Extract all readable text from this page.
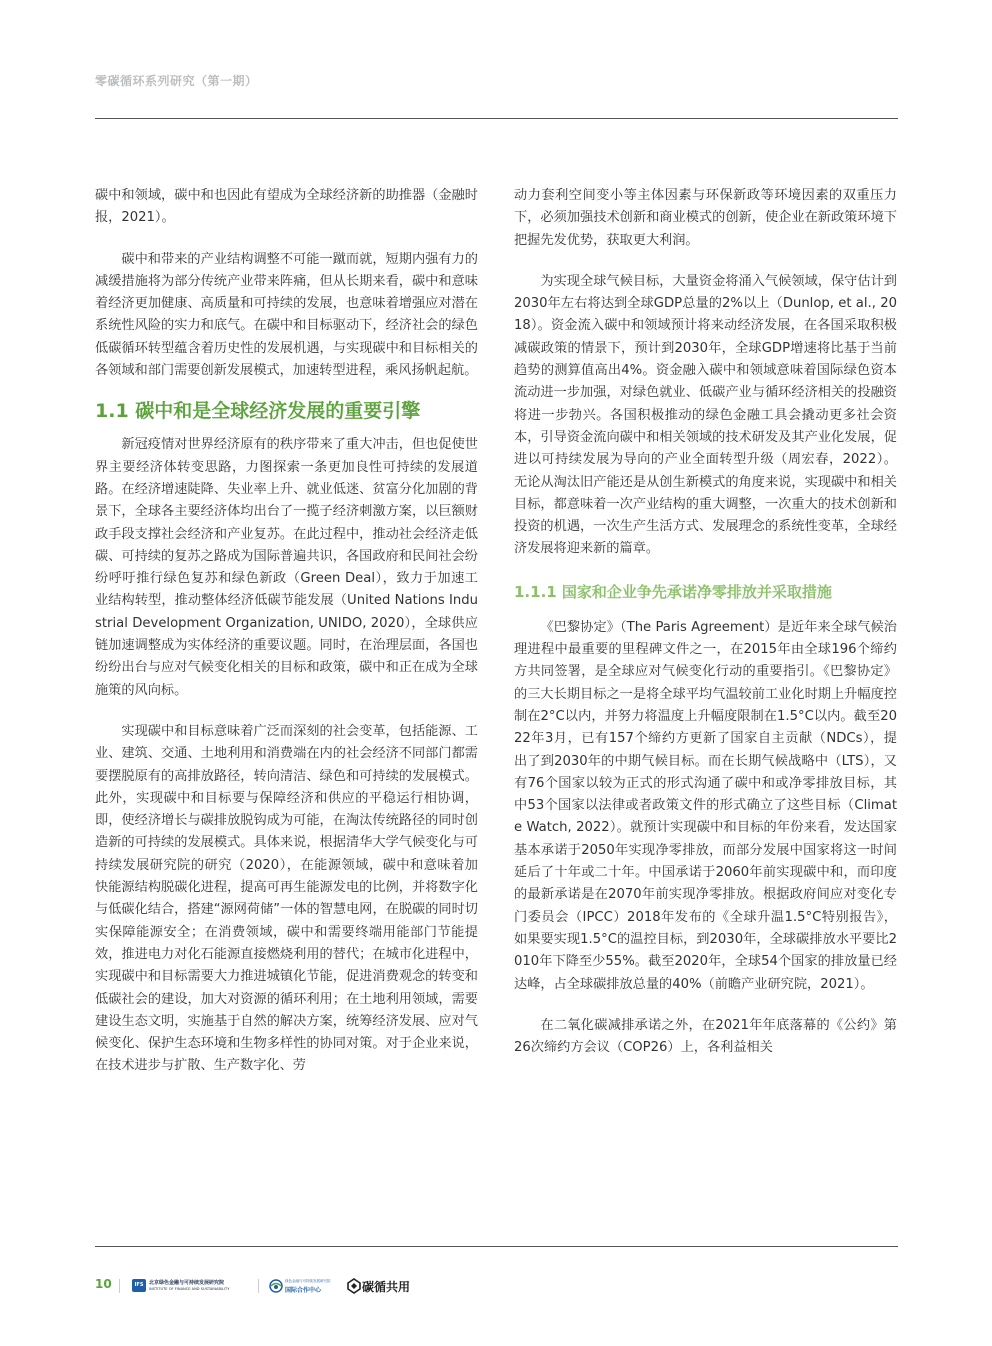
零碳循环系列研究（第一期）

碳中和领域，碳中和也因此有望成为全球经济新的助推器（金融时报，2021）。

碳中和带来的产业结构调整不可能一蹴而就，短期内强有力的减缓措施将为部分传统产业带来阵痛，但从长期来看，碳中和意味着经济更加健康、高质量和可持续的发展，也意味着增强应对潜在系统性风险的实力和底气。在碳中和目标驱动下，经济社会的绿色低碳循环转型蕴含着历史性的发展机遇，与实现碳中和目标相关的各领域和部门需要创新发展模式，加速转型进程，乘风扬帆起航。

1.1 碳中和是全球经济发展的重要引擎

新冠疫情对世界经济原有的秩序带来了重大冲击，但也促使世界主要经济体转变思路，力图探索一条更加良性可持续的发展道路。在经济增速陡降、失业率上升、就业低迷、贫富分化加剧的背景下，全球各主要经济体均出台了一揽子经济刺激方案，以巨额财政手段支撑社会经济和产业复苏。在此过程中，推动社会经济走低碳、可持续的复苏之路成为国际普遍共识，各国政府和民间社会纷纷呼吁推行绿色复苏和绿色新政（Green Deal），致力于加速工业结构转型，推动整体经济低碳节能发展（United Nations Industrial Development Organization, UNIDO, 2020），全球供应链加速调整成为实体经济的重要议题。同时，在治理层面，各国也纷纷出台与应对气候变化相关的目标和政策，碳中和正在成为全球施策的风向标。

实现碳中和目标意味着广泛而深刻的社会变革，包括能源、工业、建筑、交通、土地利用和消费端在内的社会经济不同部门都需要摆脱原有的高排放路径，转向清洁、绿色和可持续的发展模式。此外，实现碳中和目标要与保障经济和供应的平稳运行相协调，即，使经济增长与碳排放脱钩成为可能，在淘汰传统路径的同时创造新的可持续的发展模式。具体来说，根据清华大学气候变化与可持续发展研究院的研究（2020），在能源领域，碳中和意味着加快能源结构脱碳化进程，提高可再生能源发电的比例，并将数字化与低碳化结合，搭建“源网荷储”一体的智慧电网，在脱碳的同时切实保障能源安全；在消费领域，碳中和需要终端用能部门节能提效，推进电力对化石能源直接燃烧利用的替代；在城市化进程中，实现碳中和目标需要大力推进城镇化节能，促进消费观念的转变和低碳社会的建设，加大对资源的循环利用；在土地利用领域，需要建设生态文明，实施基于自然的解决方案，统筹经济发展、应对气候变化、保护生态环境和生物多样性的协同对策。对于企业来说，在技术进步与扩散、生产数字化、劳

动力套利空间变小等主体因素与环保新政等环境因素的双重压力下，必须加强技术创新和商业模式的创新，使企业在新政策环境下把握先发优势，获取更大利润。

为实现全球气候目标，大量资金将涌入气候领域，保守估计到2030年左右将达到全球GDP总量的2%以上（Dunlop, et al., 2018）。资金流入碳中和领域预计将来动经济发展，在各国采取积极减碳政策的情景下，预计到2030年，全球GDP增速将比基于当前趋势的测算值高出4%。资金融入碳中和领域意味着国际绿色资本流动进一步加强，对绿色就业、低碳产业与循环经济相关的投融资将进一步勃兴。各国积极推动的绿色金融工具会撬动更多社会资本，引导资金流向碳中和相关领域的技术研发及其产业化发展，促进以可持续发展为导向的产业全面转型升级（周宏春，2022）。无论从淘汰旧产能还是从创生新模式的角度来说，实现碳中和相关目标，都意味着一次产业结构的重大调整，一次重大的技术创新和投资的机遇，一次生产生活方式、发展理念的系统性变革，全球经济发展将迎来新的篇章。

1.1.1 国家和企业争先承诺净零排放并采取措施

《巴黎协定》（The Paris Agreement）是近年来全球气候治理进程中最重要的里程碑文件之一，在2015年由全球196个缔约方共同签署，是全球应对气候变化行动的重要指引。《巴黎协定》的三大长期目标之一是将全球平均气温较前工业化时期上升幅度控制在2°C以内，并努力将温度上升幅度限制在1.5°C以内。截至2022年3月，已有157个缔约方更新了国家自主贡献（NDCs），提出了到2030年的中期气候目标。而在长期气候战略中（LTS），又有76个国家以较为正式的形式沟通了碳中和或净零排放目标，其中53个国家以法律或者政策文件的形式确立了这些目标（Climate Watch, 2022）。就预计实现碳中和目标的年份来看，发达国家基本承诺于2050年实现净零排放，而部分发展中国家将这一时间延后了十年或二十年。中国承诺于2060年前实现碳中和，而印度的最新承诺是在2070年前实现净零排放。根据政府间应对变化专门委员会（IPCC）2018年发布的《全球升温1.5°C特别报告》，如果要实现1.5°C的温控目标，到2030年，全球碳排放水平要比2010年下降至少55%。截至2020年，全球54个国家的排放量已经达峰，占全球碳排放总量的40%（前瞻产业研究院，2021）。

在二氧化碳减排承诺之外，在2021年年底落幕的《公约》第26次缔约方会议（COP26）上，各利益相关

10	IFS	北京绿色金融与可持续发展研究院
INSTITUTE OF FINANCE AND SUSTAINABILITY
绿色金融与可持续发展研究院
国际合作中心	碳循共用
